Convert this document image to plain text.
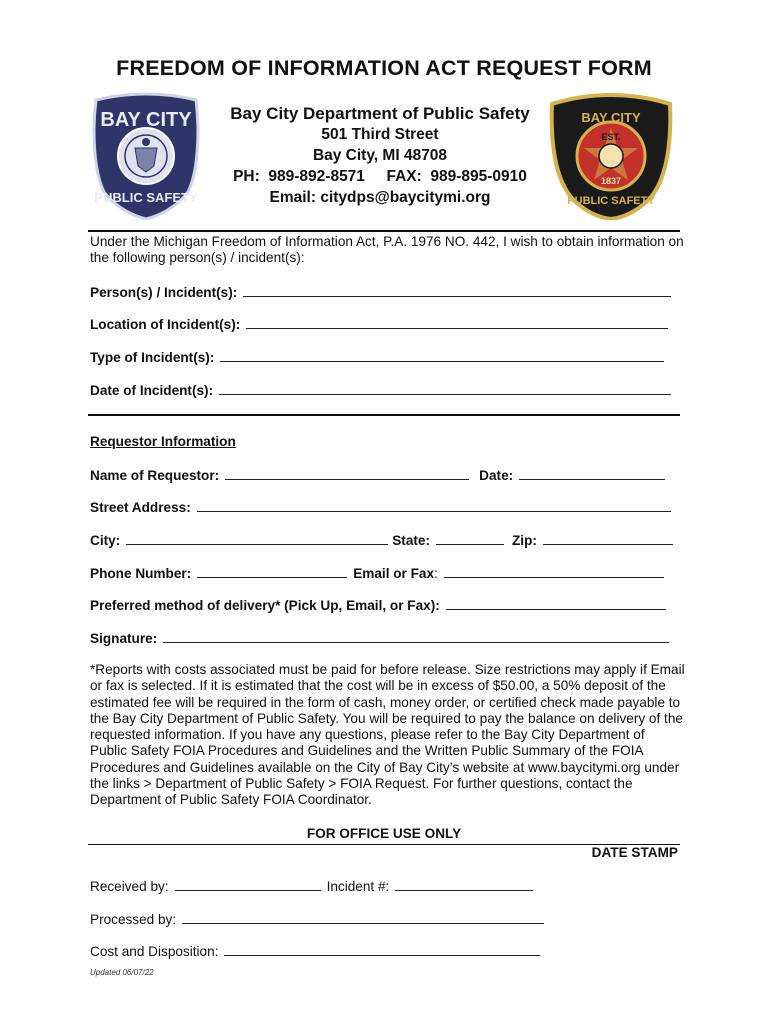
FREEDOM OF INFORMATION ACT REQUEST FORM
BAY CITY
PUBLIC SAFETY
Bay City Department of Public Safety
501 Third Street
Bay City, MI 48708
PH:  989-892-8571     FAX:  989-895-0910
Email: citydps@baycitymi.org
BAY CITY
EST.
1837
PUBLIC SAFETY
Under the Michigan Freedom of Information Act, P.A. 1976 NO. 442, I wish to obtain information on the following person(s) / incident(s):
Person(s) / Incident(s):
Location of Incident(s):
Type of Incident(s):
Date of Incident(s):
Requestor Information
Name of Requestor:	Date:
Street Address:
City:	State:	Zip:
Phone Number:	Email or Fax :
Preferred method of delivery* (Pick Up, Email, or Fax):
Signature:
*Reports with costs associated must be paid for before release. Size restrictions may apply if Email or fax is selected. If it is estimated that the cost will be in excess of $50.00, a 50% deposit of the estimated fee will be required in the form of cash, money order, or certified check made payable to the Bay City Department of Public Safety. You will be required to pay the balance on delivery of the requested information. If you have any questions, please refer to the Bay City Department of Public Safety FOIA Procedures and Guidelines and the Written Public Summary of the FOIA Procedures and Guidelines available on the City of Bay City’s website at www.baycitymi.org under the links > Department of Public Safety > FOIA Request. For further questions, contact the Department of Public Safety FOIA Coordinator.
FOR OFFICE USE ONLY
DATE STAMP
Received by:	Incident #:
Processed by:
Cost and Disposition:
Updated 06/07/22
